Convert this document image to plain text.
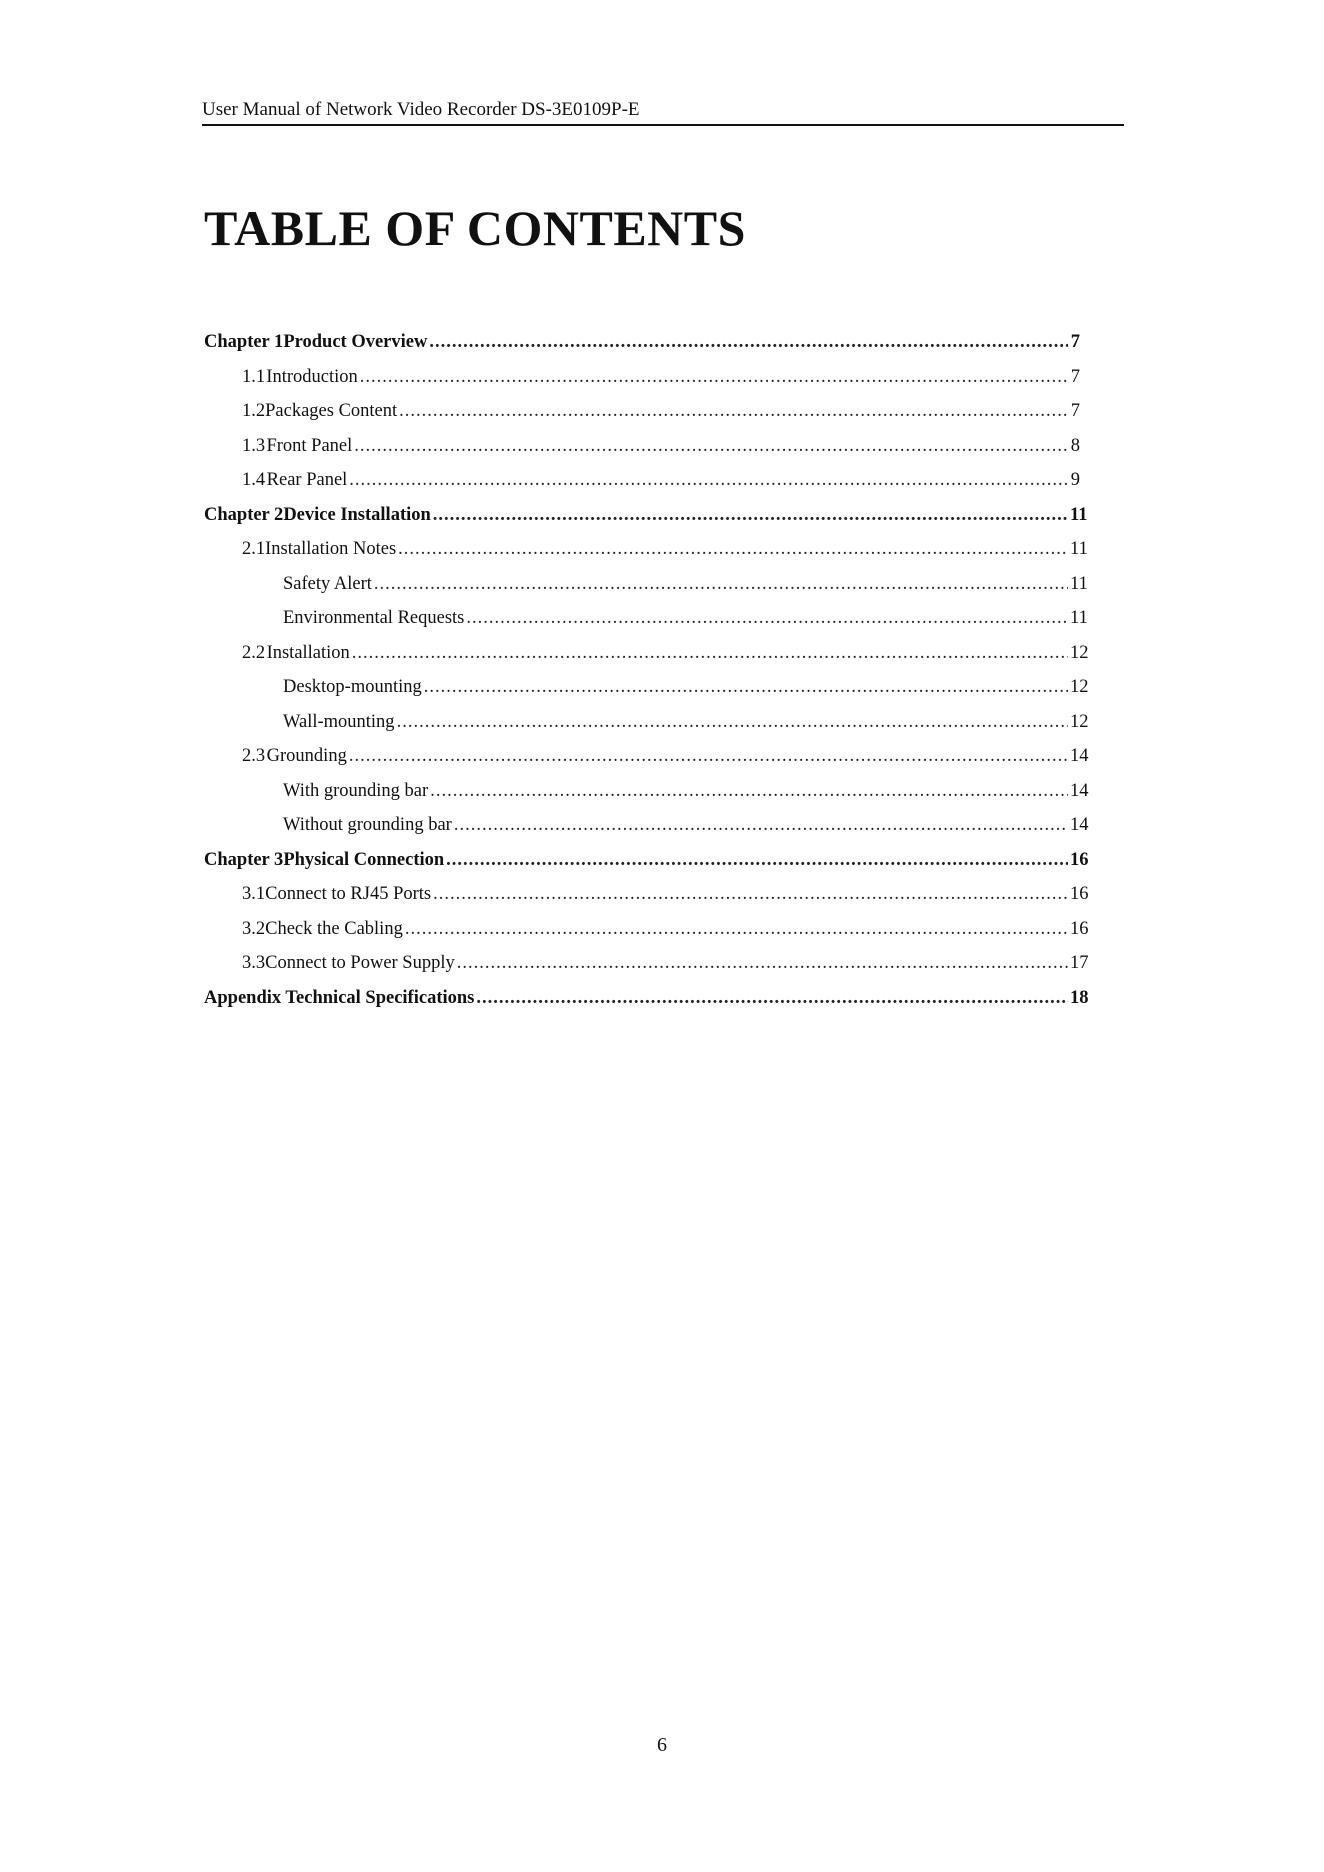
User Manual of Network Video Recorder DS-3E0109P-E
TABLE OF CONTENTS
Chapter 1 Product Overview .....	7
1.1 Introduction .....	7
1.2 Packages Content .....	7
1.3 Front Panel .....	8
1.4 Rear Panel .....	9
Chapter 2 Device Installation .....	11
2.1 Installation Notes .....	11
Safety Alert .....	11
Environmental Requests .....	11
2.2 Installation .....	12
Desktop-mounting .....	12
Wall-mounting .....	12
2.3 Grounding .....	14
With grounding bar .....	14
Without grounding bar .....	14
Chapter 3 Physical Connection .....	16
3.1 Connect to RJ45 Ports .....	16
3.2 Check the Cabling .....	16
3.3 Connect to Power Supply .....	17
Appendix Technical Specifications .....	18
6
